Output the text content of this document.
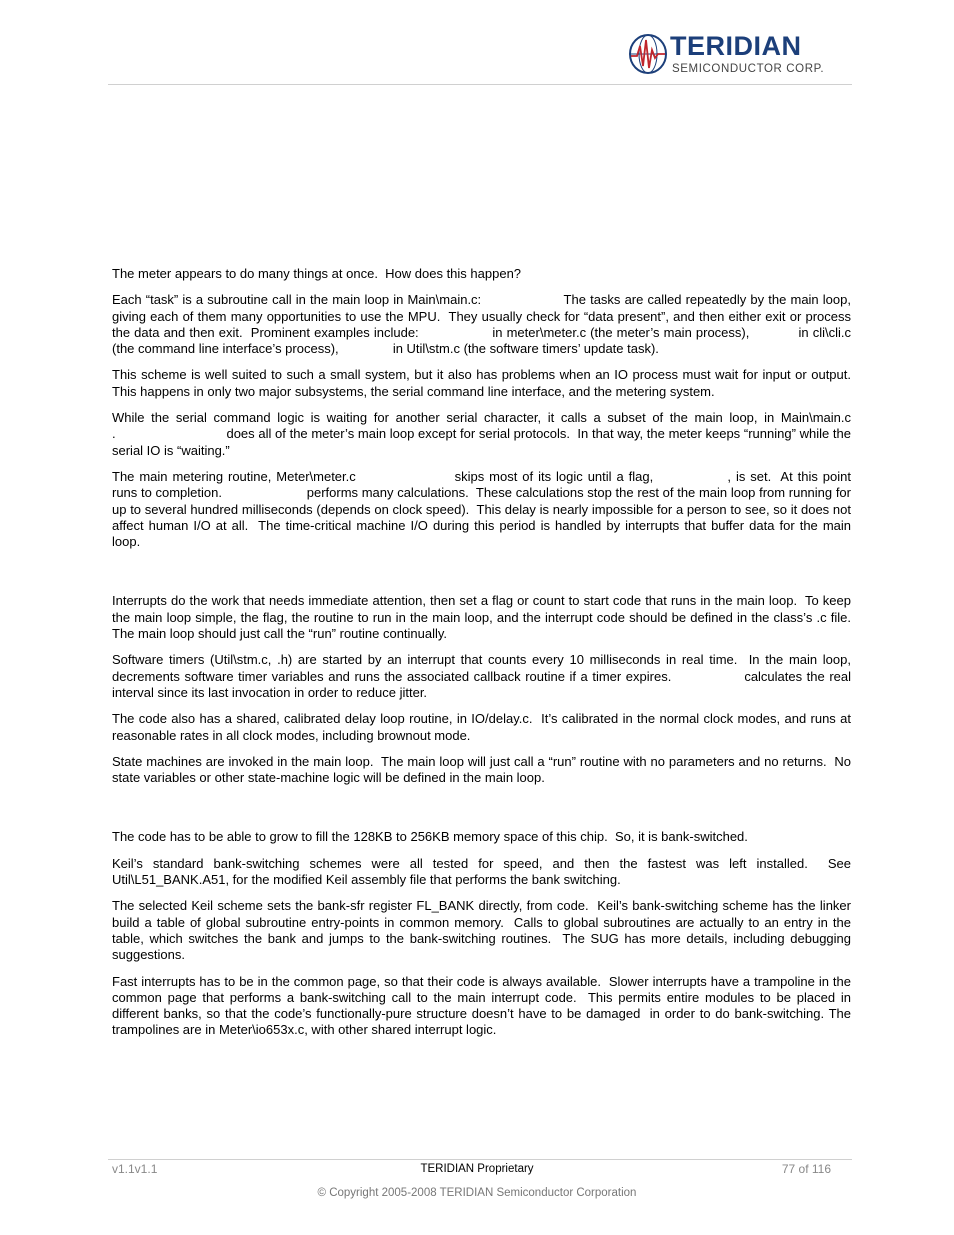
TERIDIAN
SEMICONDUCTOR CORP.

The meter appears to do many things at once.  How does this happen?

Each “task” is a subroutine call in the main loop in Main\main.c:                    The tasks are called repeatedly by the main loop, giving each of them many opportunities to use the MPU.  They usually check for “data present”, and then either exit or process the data and then exit.  Prominent examples include:                  in meter\meter.c (the meter’s main process),            in cli\cli.c (the command line interface’s process),               in Util\stm.c (the software timers’ update task).

This scheme is well suited to such a small system, but it also has problems when an IO process must wait for input or output.  This happens in only two major subsystems, the serial command line interface, and the metering system.

While the serial command logic is waiting for another serial character, it calls a subset of the main loop, in Main\main.c                      .                              does all of the meter’s main loop except for serial protocols.  In that way, the meter keeps “running” while the serial IO is “waiting.”

The main metering routine, Meter\meter.c                    skips most of its logic until a flag,               , is set.  At this point                     runs to completion.                       performs many calculations.  These calculations stop the rest of the main loop from running for up to several hundred milliseconds (depends on clock speed).  This delay is nearly impossible for a person to see, so it does not affect human I/O at all.  The time-critical machine I/O during this period is handled by interrupts that buffer data for the main loop.

Interrupts do the work that needs immediate attention, then set a flag or count to start code that runs in the main loop.  To keep the main loop simple, the flag, the routine to run in the main loop, and the interrupt code should be defined in the class’s .c file.  The main loop should just call the “run” routine continually.

Software timers (Util\stm.c, .h) are started by an interrupt that counts every 10 milliseconds in real time.  In the main loop,                decrements software timer variables and runs the associated callback routine if a timer expires.                calculates the real interval since its last invocation in order to reduce jitter.

The code also has a shared, calibrated delay loop routine, in IO/delay.c.  It’s calibrated in the normal clock modes, and runs at reasonable rates in all clock modes, including brownout mode.

State machines are invoked in the main loop.  The main loop will just call a “run” routine with no parameters and no returns.  No state variables or other state-machine logic will be defined in the main loop.

The code has to be able to grow to fill the 128KB to 256KB memory space of this chip.  So, it is bank-switched.

Keil’s standard bank-switching schemes were all tested for speed, and then the fastest was left installed.  See Util\L51_BANK.A51, for the modified Keil assembly file that performs the bank switching.

The selected Keil scheme sets the bank-sfr register FL_BANK directly, from code.  Keil’s bank-switching scheme has the linker build a table of global subroutine entry-points in common memory.  Calls to global subroutines are actually to an entry in the table, which switches the bank and jumps to the bank-switching routines.  The SUG has more details, including debugging suggestions.

Fast interrupts has to be in the common page, so that their code is always available.  Slower interrupts have a trampoline in the common page that performs a bank-switching call to the main interrupt code.  This permits entire modules to be placed in different banks, so that the code’s functionally-pure structure doesn’t have to be damaged  in order to do bank-switching. The trampolines are in Meter\io653x.c, with other shared interrupt logic.

v1.1v1.1	TERIDIAN Proprietary	77 of 116
© Copyright 2005-2008 TERIDIAN Semiconductor Corporation
